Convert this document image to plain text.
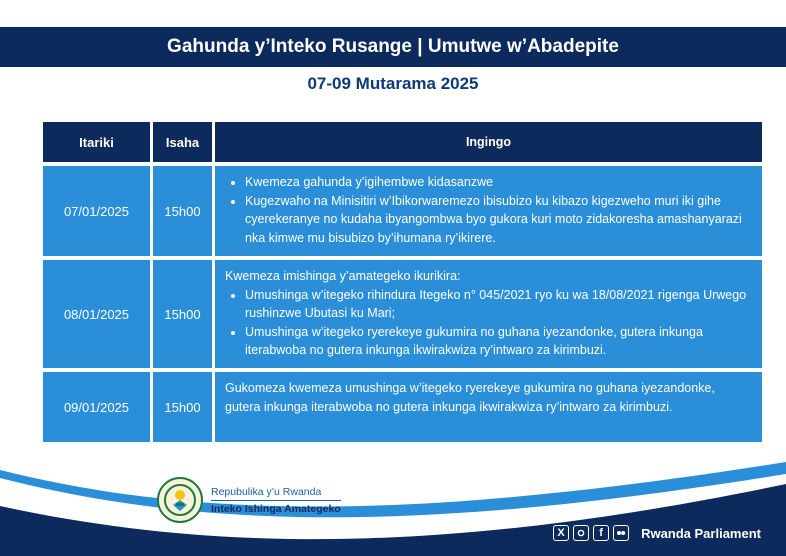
Gahunda y’Inteko Rusange | Umutwe w’Abadepite
07-09 Mutarama 2025
Itariki	Isaha	Ingingo
07/01/2025	15h00
• Kwemeza gahunda y’igihembwe kidasanzwe
• Kugezwaho na Minisitiri w’Ibikorwaremezo ibisubizo ku kibazo kigezweho muri iki gihe cyerekeranye no kudaha ibyangombwa byo gukora kuri moto zidakoresha amashanyarazi nka kimwe mu bisubizo by’ihumana ry’ikirere.
08/01/2025	15h00

Kwemeza imishinga y’amategeko ikurikira:

• Umushinga w’itegeko rihindura Itegeko n° 045/2021 ryo ku wa 18/08/2021 rigenga Urwego rushinzwe Ubutasi ku Mari;
• Umushinga w’itegeko ryerekeye gukumira no guhana iyezandonke, gutera inkunga iterabwoba no gutera inkunga ikwirakwiza ry’intwaro za kirimbuzi.
09/01/2025	15h00

Gukomeza kwemeza umushinga w’itegeko ryerekeye gukumira no guhana iyezandonke, gutera inkunga iterabwoba no gutera inkunga ikwirakwiza ry’intwaro za kirimbuzi.

Repubulika y’u Rwanda
Inteko Ishinga Amategeko
X	f	Rwanda Parliament
